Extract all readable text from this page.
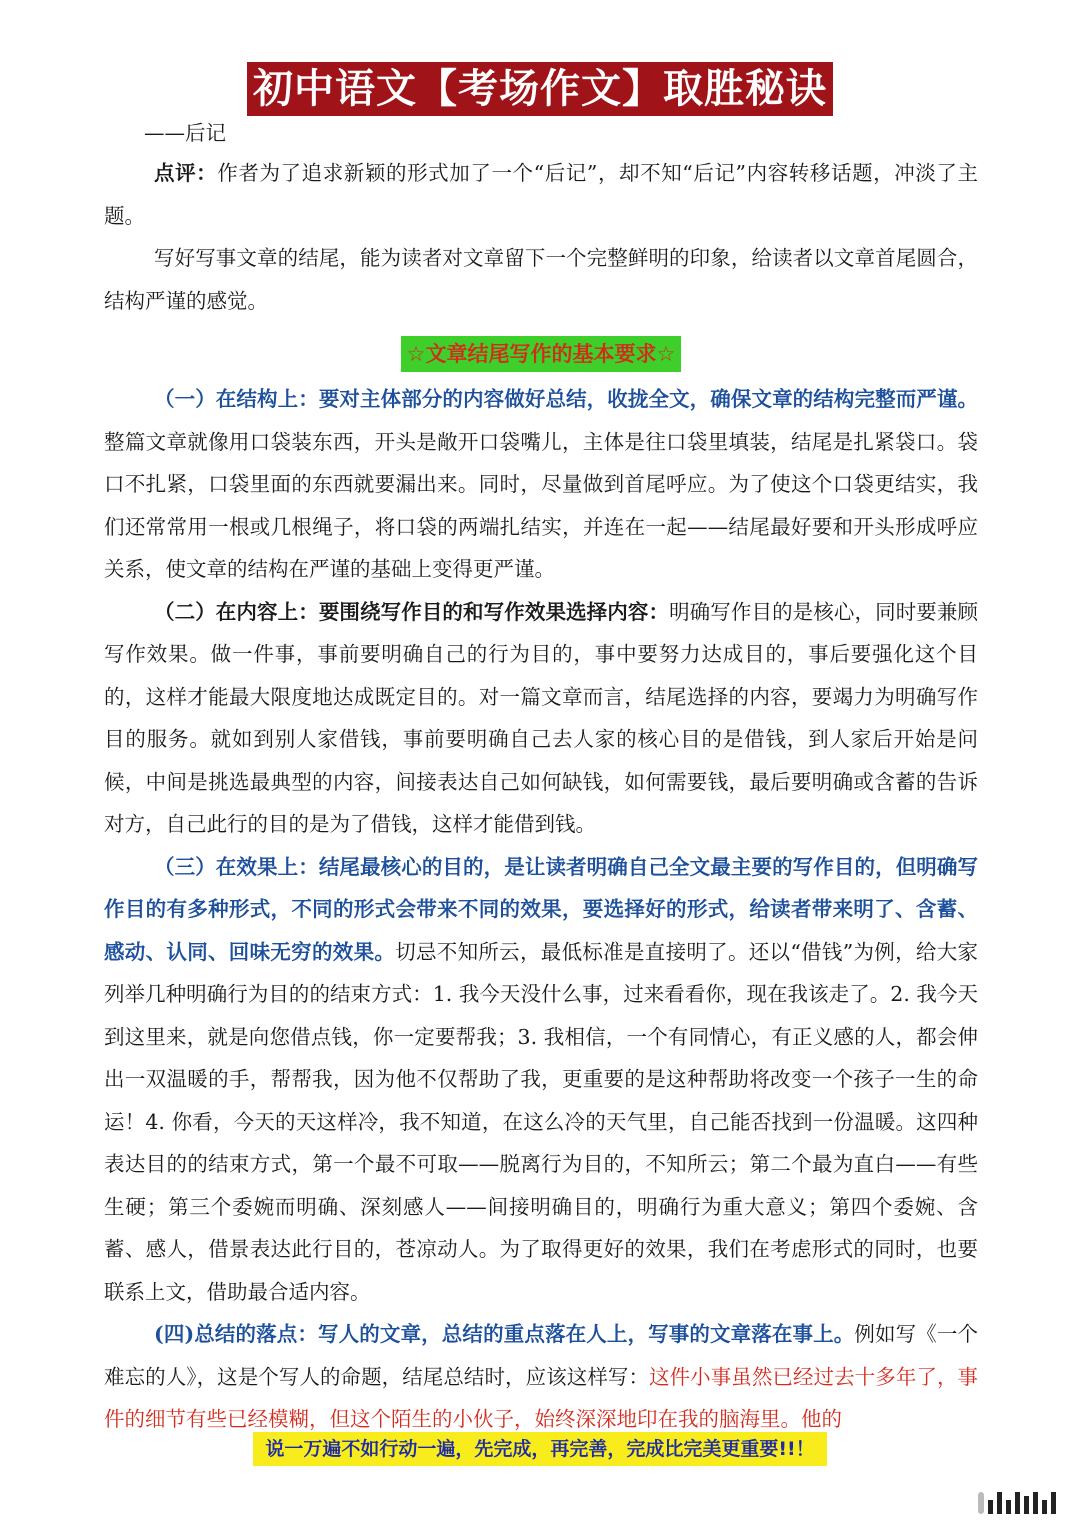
初中语文【考场作文】取胜秘诀

——后记

点评：作者为了追求新颖的形式加了一个“后记”，却不知“后记”内容转移话题，冲淡了主题。

写好写事文章的结尾，能为读者对文章留下一个完整鲜明的印象，给读者以文章首尾圆合，结构严谨的感觉。

☆文章结尾写作的基本要求☆

（一）在结构上：要对主体部分的内容做好总结，收拢全文，确保文章的结构完整而严谨。整篇文章就像用口袋装东西，开头是敞开口袋嘴儿，主体是往口袋里填装，结尾是扎紧袋口。袋口不扎紧，口袋里面的东西就要漏出来。同时，尽量做到首尾呼应。为了使这个口袋更结实，我们还常常用一根或几根绳子，将口袋的两端扎结实，并连在一起——结尾最好要和开头形成呼应关系，使文章的结构在严谨的基础上变得更严谨。

（二）在内容上：要围绕写作目的和写作效果选择内容：明确写作目的是核心，同时要兼顾写作效果。做一件事，事前要明确自己的行为目的，事中要努力达成目的，事后要强化这个目的，这样才能最大限度地达成既定目的。对一篇文章而言，结尾选择的内容，要竭力为明确写作目的服务。就如到别人家借钱，事前要明确自己去人家的核心目的是借钱，到人家后开始是问候，中间是挑选最典型的内容，间接表达自己如何缺钱，如何需要钱，最后要明确或含蓄的告诉对方，自己此行的目的是为了借钱，这样才能借到钱。

（三）在效果上：结尾最核心的目的，是让读者明确自己全文最主要的写作目的，但明确写作目的有多种形式，不同的形式会带来不同的效果，要选择好的形式，给读者带来明了、含蓄、感动、认同、回味无穷的效果。切忌不知所云，最低标准是直接明了。还以“借钱”为例，给大家列举几种明确行为目的的结束方式：1. 我今天没什么事，过来看看你，现在我该走了。2. 我今天到这里来，就是向您借点钱，你一定要帮我；3. 我相信，一个有同情心，有正义感的人，都会伸出一双温暖的手，帮帮我，因为他不仅帮助了我，更重要的是这种帮助将改变一个孩子一生的命运！4. 你看，今天的天这样冷，我不知道，在这么冷的天气里，自己能否找到一份温暖。这四种表达目的的结束方式，第一个最不可取——脱离行为目的，不知所云；第二个最为直白——有些生硬；第三个委婉而明确、深刻感人——间接明确目的，明确行为重大意义；第四个委婉、含蓄、感人，借景表达此行目的，苍凉动人。为了取得更好的效果，我们在考虑形式的同时，也要联系上文，借助最合适内容。

(四)总结的落点：写人的文章，总结的重点落在人上，写事的文章落在事上。例如写《一个难忘的人》，这是个写人的命题，结尾总结时，应该这样写：这件小事虽然已经过去十多年了，事件的细节有些已经模糊，但这个陌生的小伙子，始终深深地印在我的脑海里。他的

说一万遍不如行动一遍，先完成，再完善，完成比完美更重要!!！
